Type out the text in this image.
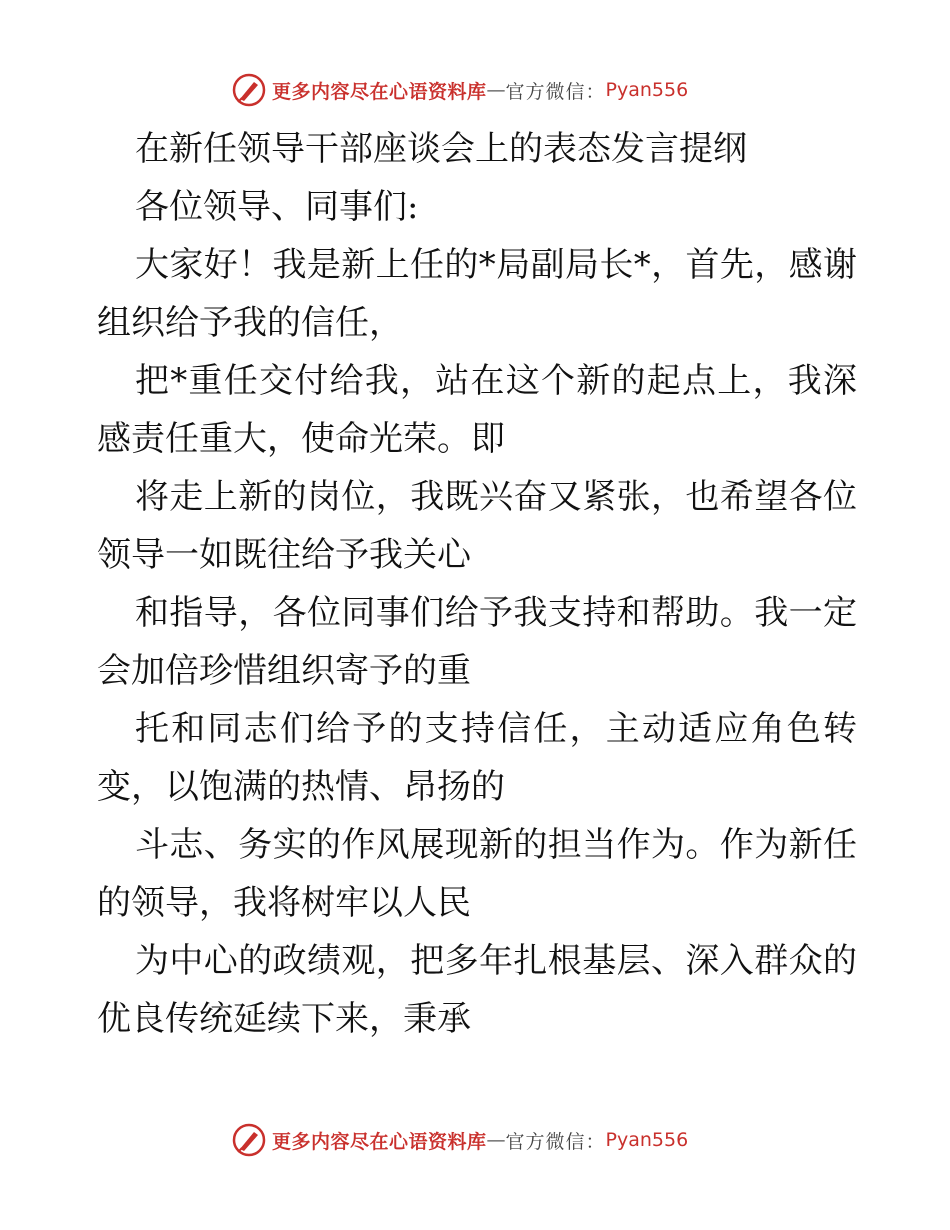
更多内容尽在心语资料库 — 官方微信： Pyan556

在新任领导干部座谈会上的表态发言提纲

各位领导、同事们:

大家好！我是新上任的*局副局长*，首先，感谢组织给予我的信任，

把*重任交付给我，站在这个新的起点上，我深感责任重大，使命光荣。即

将走上新的岗位，我既兴奋又紧张，也希望各位领导一如既往给予我关心

和指导，各位同事们给予我支持和帮助。我一定会加倍珍惜组织寄予的重

托和同志们给予的支持信任，主动适应角色转变，以饱满的热情、昂扬的

斗志、务实的作风展现新的担当作为。作为新任的领导，我将树牢以人民

为中心的政绩观，把多年扎根基层、深入群众的优良传统延续下来，秉承

更多内容尽在心语资料库 — 官方微信： Pyan556
